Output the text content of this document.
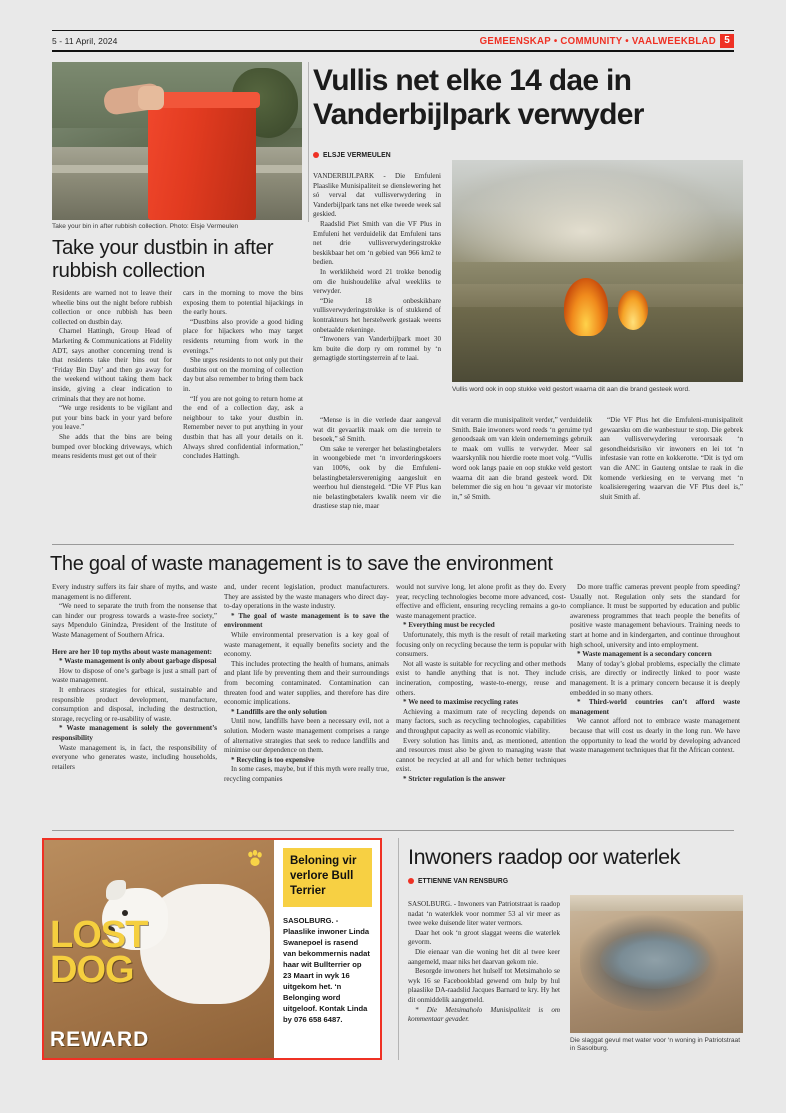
5 - 11 April, 2024	GEMEENSKAP • COMMUNITY • VAALWEEKBLAD 5
Take your bin in after rubbish collection. Photo: Elsje Vermeulen
Take your dustbin in after rubbish collection

Residents are warned not to leave their wheelie bins out the night before rubbish collection or once rubbish has been collected on dustbin day.

Charnel Hattingh, Group Head of Marketing & Communications at Fidelity ADT, says another concerning trend is that residents take their bins out for ‘Friday Bin Day’ and then go away for the weekend without taking them back inside, giving a clear indication to criminals that they are not home.

“We urge residents to be vigilant and put your bins back in your yard before you leave.”

She adds that the bins are being bumped over blocking driveways, which means residents must get out of their

cars in the morning to move the bins exposing them to potential hijackings in the early hours.

“Dustbins also provide a good hiding place for hijackers who may target residents returning from work in the evenings.”

She urges residents to not only put their dustbins out on the morning of collection day but also remember to bring them back in.

“If you are not going to return home at the end of a collection day, ask a neighbour to take your dustbin in. Remember never to put anything in your dustbin that has all your details on it. Always shred confidential information,” concludes Hattingh.

Vullis net elke 14 dae in Vanderbijlpark verwyder
ELSJE VERMEULEN

VANDERBIJLPARK - Die Emfuleni Plaaslike Munisipaliteit se dienslewering het só verval dat vullisverwydering in Vanderbijlpark tans net elke tweede week sal geskied.

Raadslid Piet Smith van die VF Plus in Emfuleni het verduidelik dat Emfuleni tans net drie vullisverwyderingstrokke beskikbaar het om ‘n gebied van 966 km2 te bedien.

In werklikheid word 21 trokke benodig om die huishoudelike afval weekliks te verwyder.

“Die 18 onbeskikbare vullisverwyderingstrokke is of stukkend of kontrakteurs het herstelwerk gestaak weens onbetaalde rekeninge.

“Inwoners van Vanderbijlpark moet 30 km buite die dorp ry om rommel by ‘n gemagtigde stortingsterrein af te laai.

“Mense is in die verlede daar aangeval wat dit gevaarlik maak om die terrein te besoek,” sê Smith.

Om sake te vererger het belastingbetalers in woongebiede met ‘n invorderingskoers van 100%, ook by die Emfuleni-belastingbetalersvereniging aangesluit en weerhou hul dienstegeld. “Die VF Plus kan nie belastingbetalers kwalik neem vir die drastiese stap nie, maar

Vullis word ook in oop stukke veld gestort waarna dit aan die brand gesteek word.

dit verarm die munisipaliteit verder,” verduidelik Smith. Baie inwoners word reeds ‘n geruime tyd genoodsaak om van klein ondernemings gebruik te maak om vullis te verwyder. Meer sal waarskynlik nou hierdie roete moet volg. “Vullis word ook langs paaie en oop stukke veld gestort waarna dit aan die brand gesteek word. Dit belemmer die sig en hou ‘n gevaar vir motoriste in,” sê Smith.

“Die VF Plus het die Emfuleni-munisipaliteit gewaarsku om die wanbestuur te stop. Die gebrek aan vullisverwydering veroorsaak ‘n gesondheidsrisiko vir inwoners en lei tot ‘n infestasie van rotte en kokkerotte. “Dit is tyd om van die ANC in Gauteng ontslae te raak in die komende verkiesing en te vervang met ‘n koalisieregering waarvan die VF Plus deel is,” sluit Smith af.

The goal of waste management is to save the environment

Every industry suffers its fair share of myths, and waste management is no different.

“We need to separate the truth from the nonsense that can hinder our progress towards a waste-free society,” says Mpendulo Ginindza, President of the Institute of Waste Management of Southern Africa.

Here are her 10 top myths about waste management:

* Waste management is only about garbage disposal

How to dispose of one’s garbage is just a small part of waste management.

It embraces strategies for ethical, sustainable and responsible product development, manufacture, consumption and disposal, including the destruction, storage, recycling or re-usability of waste.

* Waste management is solely the government’s responsibility

Waste management is, in fact, the responsibility of everyone who generates waste, including households, retailers

and, under recent legislation, product manufacturers. They are assisted by the waste managers who direct day-to-day operations in the waste industry.

* The goal of waste management is to save the environment

While environmental preservation is a key goal of waste management, it equally benefits society and the economy.

This includes protecting the health of humans, animals and plant life by preventing them and their surroundings from becoming contaminated. Contamination can threaten food and water supplies, and therefore has dire economic implications.

* Landfills are the only solution

Until now, landfills have been a necessary evil, not a solution. Modern waste management comprises a range of alternative strategies that seek to reduce landfills and minimise our dependence on them.

* Recycling is too expensive

In some cases, maybe, but if this myth were really true, recycling companies

would not survive long, let alone profit as they do. Every year, recycling technologies become more advanced, cost-effective and efficient, ensuring recycling remains a go-to waste management practice.

* Everything must be recycled

Unfortunately, this myth is the result of retail marketing focusing only on recycling because the term is popular with consumers.

Not all waste is suitable for recycling and other methods exist to handle anything that is not. They include incineration, composting, waste-to-energy, reuse and others.

* We need to maximise recycling rates

Achieving a maximum rate of recycling depends on many factors, such as recycling technologies, capabilities and throughput capacity as well as economic viability.

Every solution has limits and, as mentioned, attention and resources must also be given to managing waste that cannot be recycled at all and for which better techniques exist.

* Stricter regulation is the answer

Do more traffic cameras prevent people from speeding? Usually not. Regulation only sets the standard for compliance. It must be supported by education and public awareness programmes that teach people the benefits of positive waste management behaviours. Training needs to start at home and in kindergarten, and continue throughout high school, university and into employment.

* Waste management is a secondary concern

Many of today’s global problems, especially the climate crisis, are directly or indirectly linked to poor waste management. It is a primary concern because it is deeply embedded in so many others.

* Third-world countries can’t afford waste management

We cannot afford not to embrace waste management because that will cost us dearly in the long run. We have the opportunity to lead the world by developing advanced waste management techniques that fit the African context.

LOST
DOG
REWARD
Beloning vir verlore Bull Terrier
SASOLBURG. - Plaaslike inwoner Linda Swanepoel is rasend van bekommernis nadat haar wit Bullterrier op 23 Maart in wyk 16 uitgekom het. ‘n Belonging word uitgeloof. Kontak Linda by 076 658 6487.
Inwoners raadop oor waterlek
ETTIENNE VAN RENSBURG

SASOLBURG. - Inwoners van Patriotstraat is raadop nadat ‘n waterklek voor nommer 53 al vir meer as twee weke duisende liter water vermors.

Daar het ook ‘n groot slaggat weens die waterlek gevorm.

Die eienaar van die woning het dit al twee keer aangemeld, maar niks het daarvan gekom nie.

Besorgde inwoners het hulself tot Metsimaholo se wyk 16 se Facebookblad gewend om hulp by hul plaaslike DA-raadslid Jacques Barnard te kry. Hy het dit onmiddelik aangemeld.

* Die Metsimaholo Munisipaliteit is om kommentaar gevader.

Die slaggat gevul met water voor ‘n woning in Patriotstraat in Sasolburg.
